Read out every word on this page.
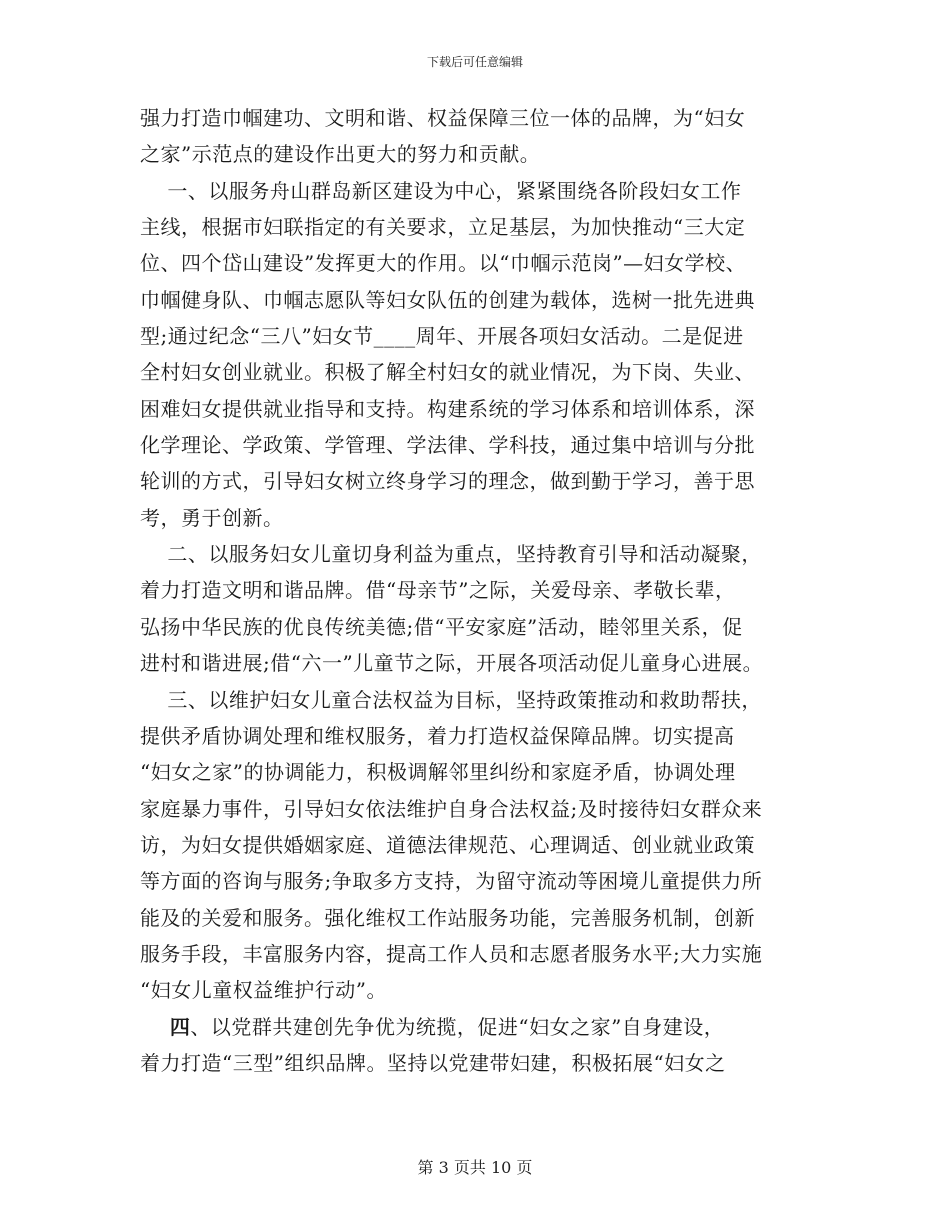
下载后可任意编辑
强力打造巾帼建功、文明和谐、权益保障三位一体的品牌，为“妇女
之家”示范点的建设作出更大的努力和贡献。
一、以服务舟山群岛新区建设为中心，紧紧围绕各阶段妇女工作
主线，根据市妇联指定的有关要求，立足基层，为加快推动“三大定
位、四个岱山建设”发挥更大的作用。以“巾帼示范岗”—妇女学校、
巾帼健身队、巾帼志愿队等妇女队伍的创建为载体，选树一批先进典
型;通过纪念“三八”妇女节____周年、开展各项妇女活动。二是促进
全村妇女创业就业。积极了解全村妇女的就业情况，为下岗、失业、
困难妇女提供就业指导和支持。构建系统的学习体系和培训体系，深
化学理论、学政策、学管理、学法律、学科技，通过集中培训与分批
轮训的方式，引导妇女树立终身学习的理念，做到勤于学习，善于思
考，勇于创新。
二、以服务妇女儿童切身利益为重点，坚持教育引导和活动凝聚，
着力打造文明和谐品牌。借“母亲节”之际，关爱母亲、孝敬长辈，
弘扬中华民族的优良传统美德;借“平安家庭”活动，睦邻里关系，促
进村和谐进展;借“六一”儿童节之际，开展各项活动促儿童身心进展。
三、以维护妇女儿童合法权益为目标，坚持政策推动和救助帮扶，
提供矛盾协调处理和维权服务，着力打造权益保障品牌。切实提高
“妇女之家”的协调能力，积极调解邻里纠纷和家庭矛盾，协调处理
家庭暴力事件，引导妇女依法维护自身合法权益;及时接待妇女群众来
访，为妇女提供婚姻家庭、道德法律规范、心理调适、创业就业政策
等方面的咨询与服务;争取多方支持，为留守流动等困境儿童提供力所
能及的关爱和服务。强化维权工作站服务功能，完善服务机制，创新
服务手段，丰富服务内容，提高工作人员和志愿者服务水平;大力实施
“妇女儿童权益维护行动”。
四、以党群共建创先争优为统揽，促进“妇女之家”自身建设，
着力打造“三型”组织品牌。坚持以党建带妇建，积极拓展“妇女之
第 3 页共 10 页
